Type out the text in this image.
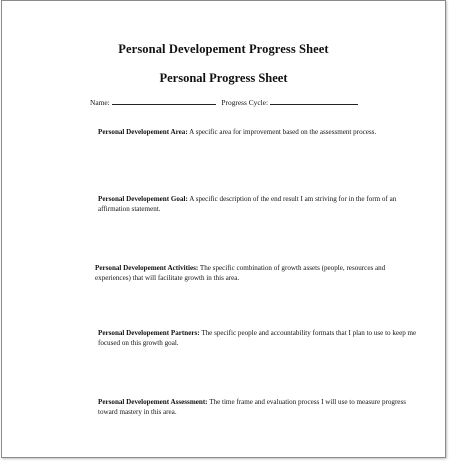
Personal Developement Progress Sheet
Personal Progress Sheet
Name:	Progress Cycle:
Personal Developement Area: A specific area for improvement based on the assessment process.
Personal Developement Goal: A specific description of the end result I am striving for in the form of an affirmation statement.
Personal Developement Activities: The specific combination of growth assets (people, resources and experiences) that will facilitate growth in this area.
Personal Developement Partners: The specific people and accountability formats that I plan to use to keep me focused on this growth goal.
Personal Developement Assessment: The time frame and evaluation process I will use to measure progress toward mastery in this area.
